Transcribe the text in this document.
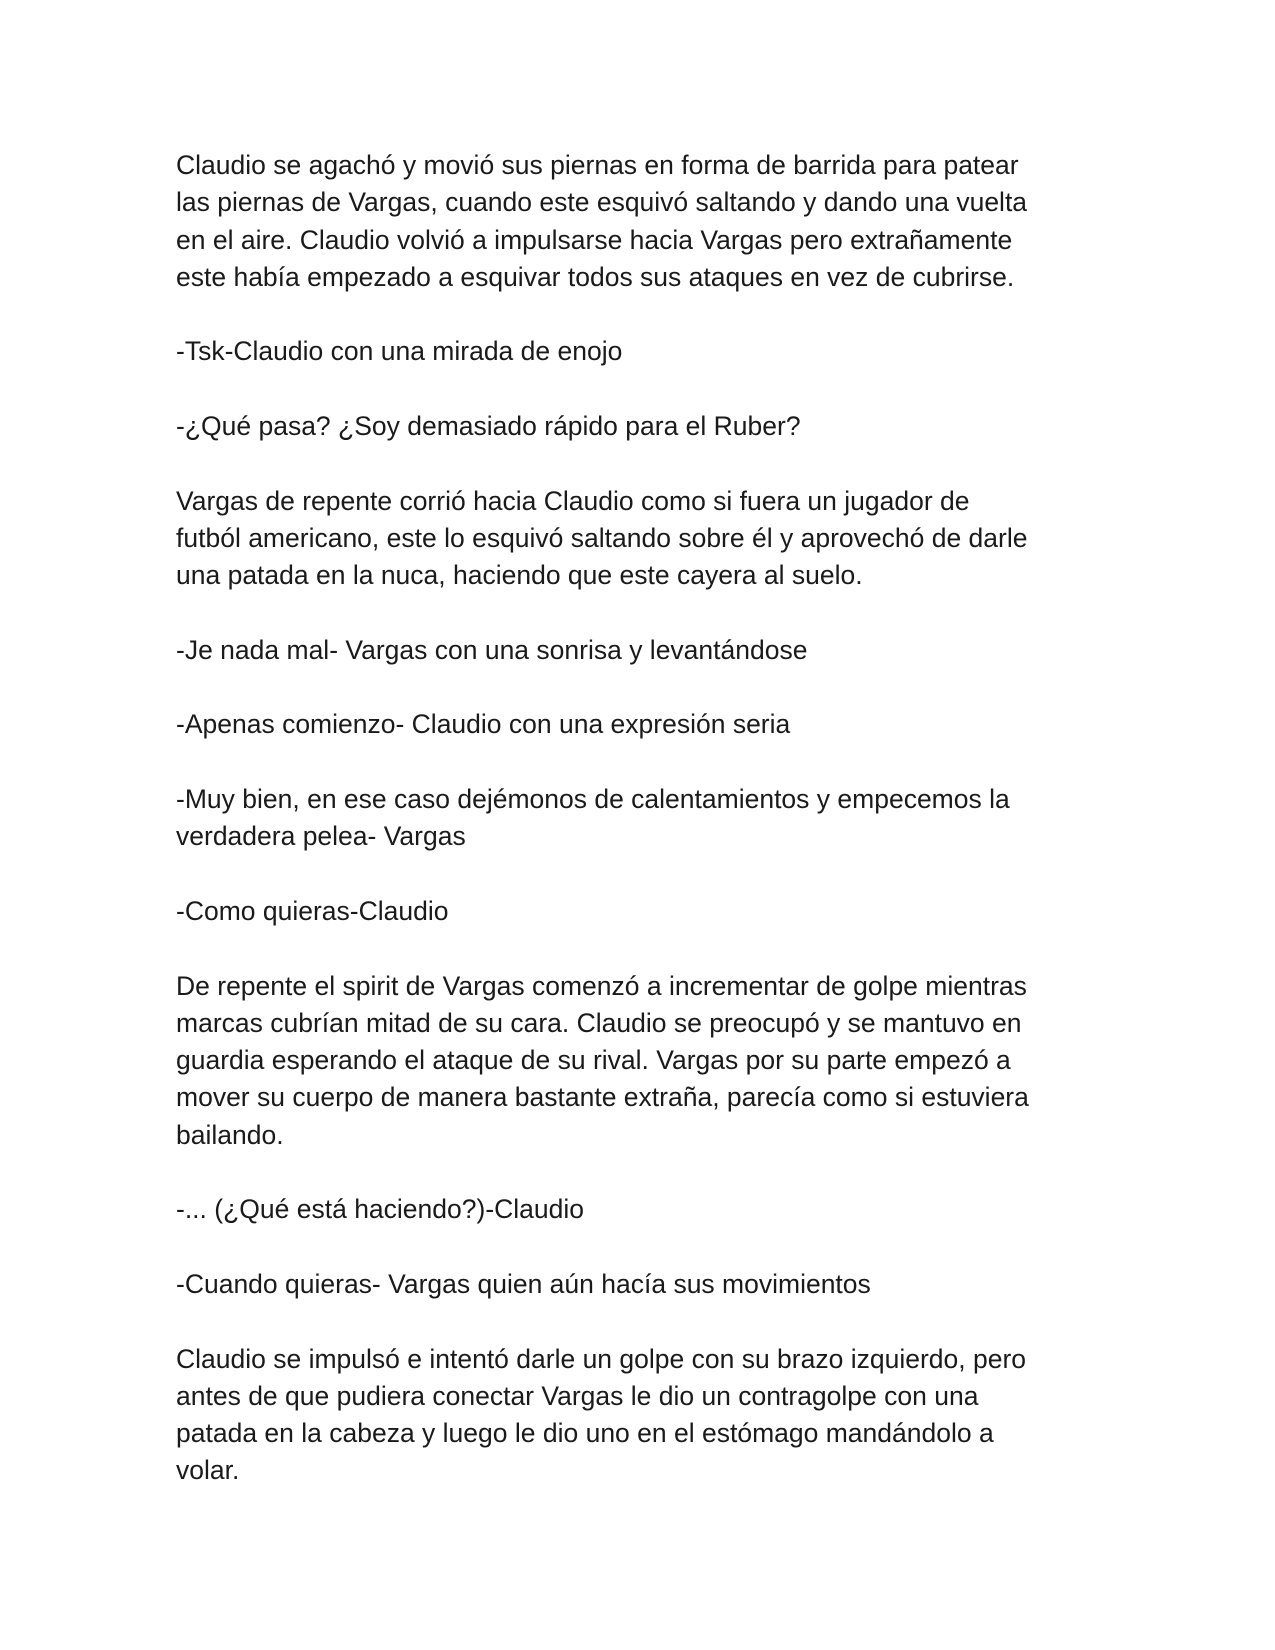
Claudio se agachó y movió sus piernas en forma de barrida para patear
las piernas de Vargas, cuando este esquivó saltando y dando una vuelta
en el aire. Claudio volvió a impulsarse hacia Vargas pero extrañamente
este había empezado a esquivar todos sus ataques en vez de cubrirse.

-Tsk-Claudio con una mirada de enojo

-¿Qué pasa? ¿Soy demasiado rápido para el Ruber?

Vargas de repente corrió hacia Claudio como si fuera un jugador de
futból americano, este lo esquivó saltando sobre él y aprovechó de darle
una patada en la nuca, haciendo que este cayera al suelo.

-Je nada mal- Vargas con una sonrisa y levantándose

-Apenas comienzo- Claudio con una expresión seria

-Muy bien, en ese caso dejémonos de calentamientos y empecemos la
verdadera pelea- Vargas

-Como quieras-Claudio

De repente el spirit de Vargas comenzó a incrementar de golpe mientras
marcas cubrían mitad de su cara. Claudio se preocupó y se mantuvo en
guardia esperando el ataque de su rival. Vargas por su parte empezó a
mover su cuerpo de manera bastante extraña, parecía como si estuviera
bailando.

-... (¿Qué está haciendo?)-Claudio

-Cuando quieras- Vargas quien aún hacía sus movimientos

Claudio se impulsó e intentó darle un golpe con su brazo izquierdo, pero
antes de que pudiera conectar Vargas le dio un contragolpe con una
patada en la cabeza y luego le dio uno en el estómago mandándolo a
volar.
